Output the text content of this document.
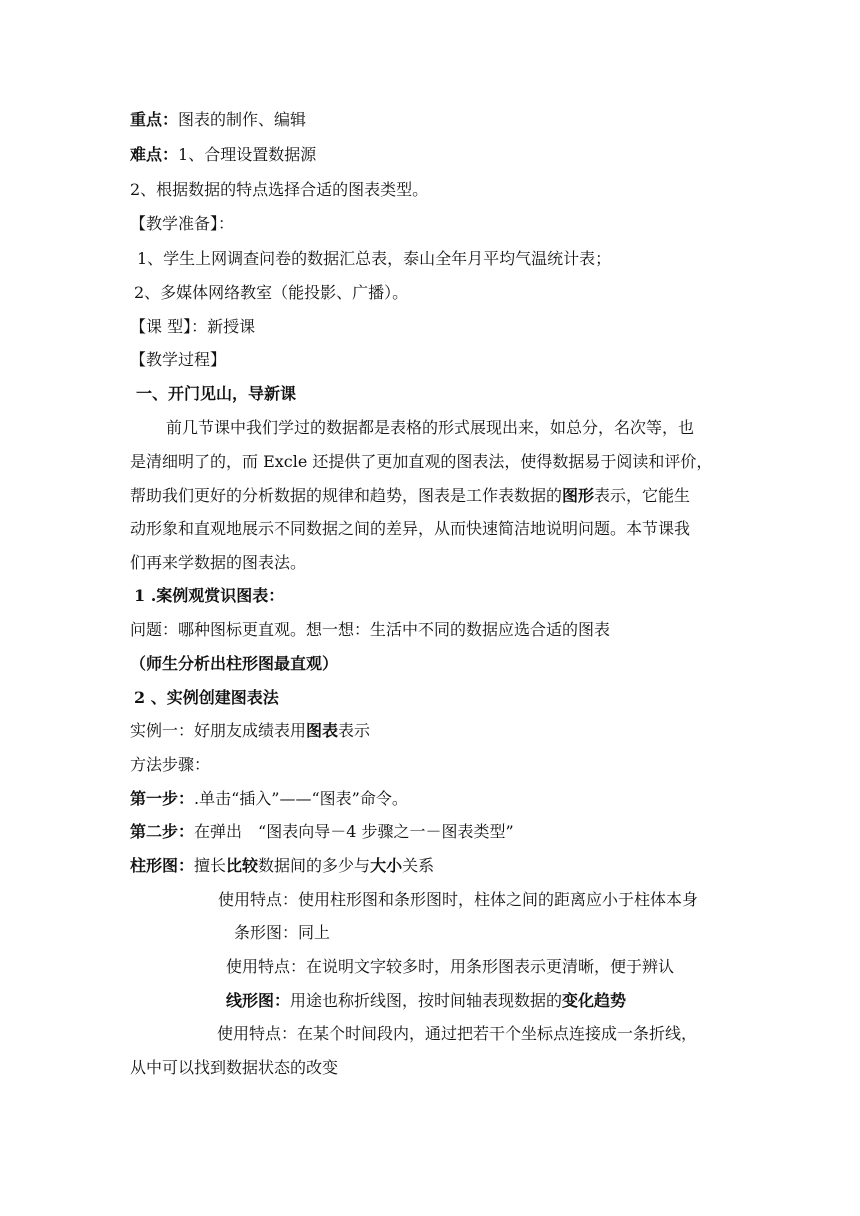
重点：图表的制作、编辑
难点：1、合理设置数据源
2、根据数据的特点选择合适的图表类型。
【教学准备】：
1、学生上网调查问卷的数据汇总表，泰山全年月平均气温统计表；
2、多媒体网络教室（能投影、广播）。
【课 型】：新授课
【教学过程】
一、开门见山，导新课
前几节课中我们学过的数据都是表格的形式展现出来，如总分，名次等，也
是清细明了的，而 Excle 还提供了更加直观的图表法，使得数据易于阅读和评价，
帮助我们更好的分析数据的规律和趋势，图表是工作表数据的图形表示，它能生
动形象和直观地展示不同数据之间的差异，从而快速简洁地说明问题。本节课我
们再来学数据的图表法。
1 .案例观赏识图表：
问题：哪种图标更直观。想一想：生活中不同的数据应选合适的图表
（师生分析出柱形图最直观）
2 、实例创建图表法
实例一：好朋友成绩表用图表表示
方法步骤：
第一步：.单击“插入”——“图表”命令。
第二步：在弹出　“图表向导－4 步骤之一－图表类型”
柱形图：擅长比较数据间的多少与大小关系
使用特点：使用柱形图和条形图时，柱体之间的距离应小于柱体本身
条形图：同上
使用特点：在说明文字较多时，用条形图表示更清晰，便于辨认
线形图：用途也称折线图，按时间轴表现数据的变化趋势
使用特点：在某个时间段内，通过把若干个坐标点连接成一条折线，
从中可以找到数据状态的改变
